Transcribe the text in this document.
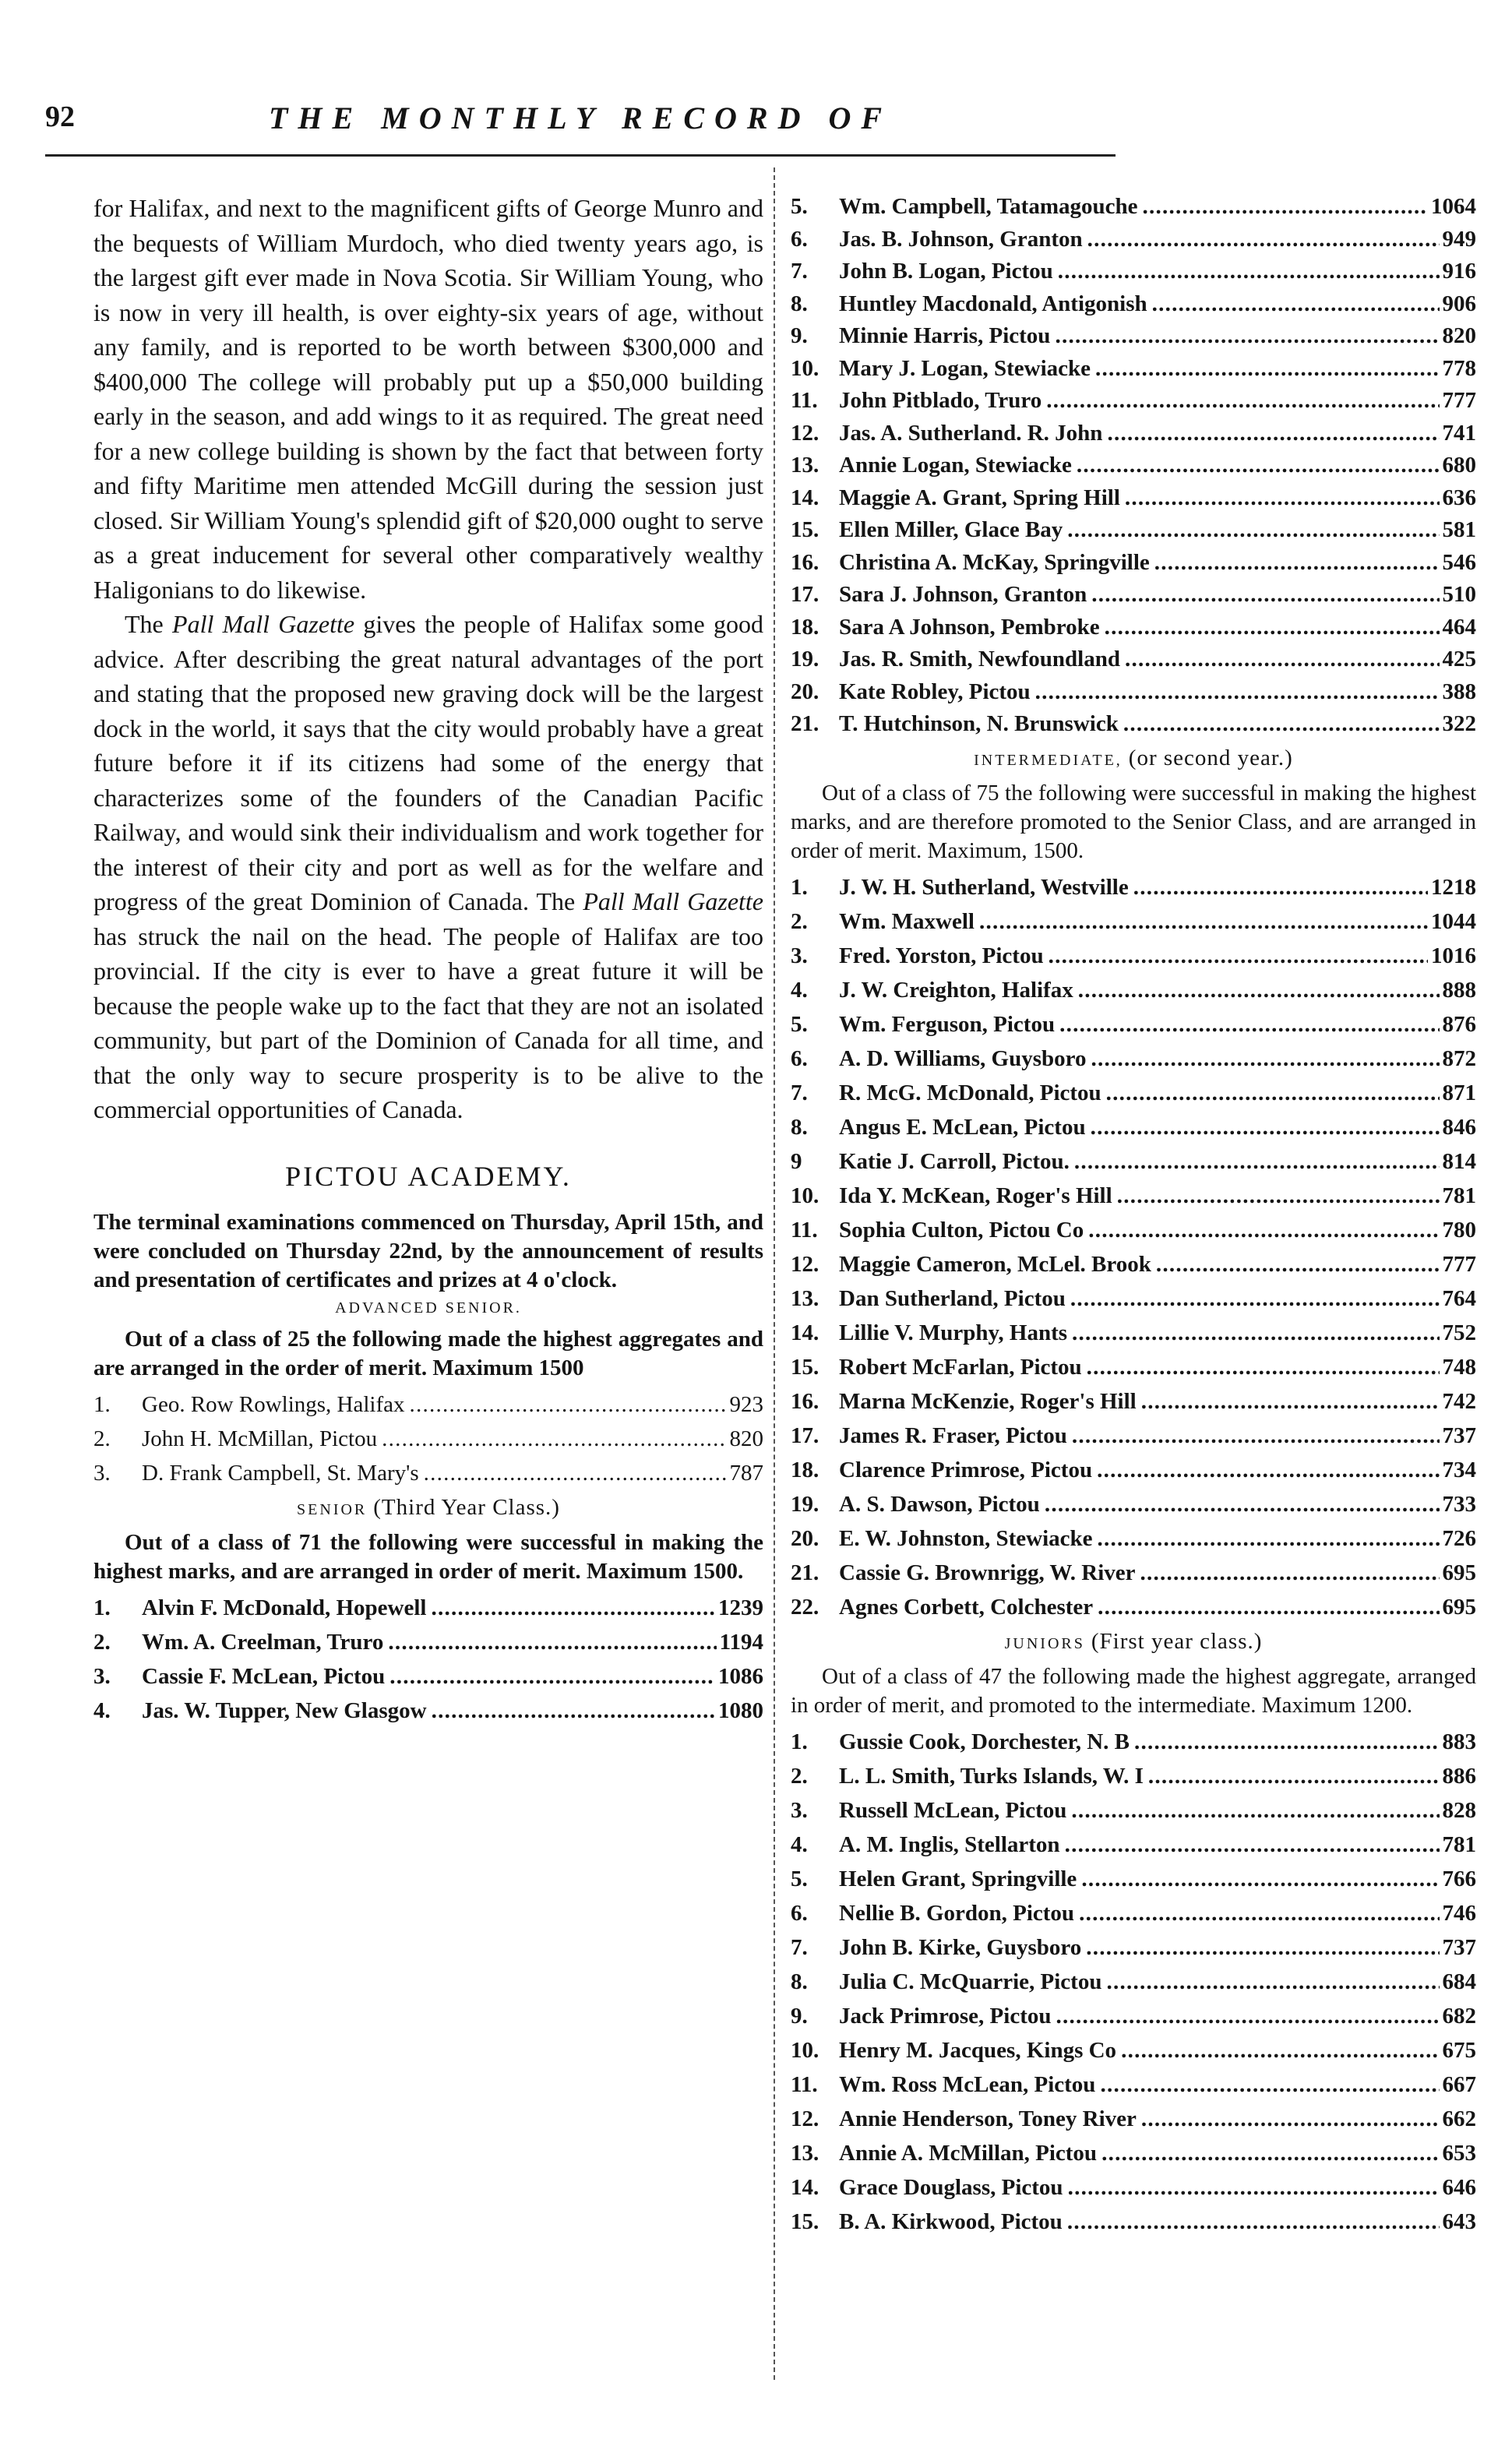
92	THE MONTHLY RECORD OF

for Halifax, and next to the magnificent gifts of George Munro and the bequests of William Murdoch, who died twenty years ago, is the largest gift ever made in Nova Scotia. Sir William Young, who is now in very ill health, is over eighty-six years of age, without any family, and is reported to be worth between $300,000 and $400,000 The college will probably put up a $50,000 building early in the season, and add wings to it as required. The great need for a new college building is shown by the fact that between forty and fifty Maritime men attended McGill during the session just closed. Sir William Young's splendid gift of $20,000 ought to serve as a great inducement for several other comparatively wealthy Haligonians to do likewise.

The Pall Mall Gazette gives the people of Halifax some good advice. After describing the great natural advantages of the port and stating that the proposed new graving dock will be the largest dock in the world, it says that the city would probably have a great future before it if its citizens had some of the energy that characterizes some of the founders of the Canadian Pacific Railway, and would sink their individualism and work together for the interest of their city and port as well as for the welfare and progress of the great Dominion of Canada. The Pall Mall Gazette has struck the nail on the head. The people of Halifax are too provincial. If the city is ever to have a great future it will be because the people wake up to the fact that they are not an isolated community, but part of the Dominion of Canada for all time, and that the only way to secure prosperity is to be alive to the commercial opportunities of Canada.

PICTOU ACADEMY.

The terminal examinations commenced on Thursday, April 15th, and were concluded on Thursday 22nd, by the announcement of results and presentation of certificates and prizes at 4 o'clock.

ADVANCED SENIOR.

Out of a class of 25 the following made the highest aggregates and are arranged in the order of merit. Maximum 1500

1.	Geo. Row Rowlings, Halifax . . .	923
2.	John H. McMillan, Pictou . . .	820
3.	D. Frank Campbell, St. Mary's . . .	787
SENIOR (Third Year Class.)

Out of a class of 71 the following were successful in making the highest marks, and are arranged in order of merit. Maximum 1500.

1.	Alvin F. McDonald, Hopewell . . .	1239
2.	Wm. A. Creelman, Truro . . .	1194
3.	Cassie F. McLean, Pictou . . .	1086
4.	Jas. W. Tupper, New Glasgow . . .	1080
5.	Wm. Campbell, Tatamagouche . . .	1064
6.	Jas. B. Johnson, Granton . . .	949
7.	John B. Logan, Pictou . . .	916
8.	Huntley Macdonald, Antigonish . . .	906
9.	Minnie Harris, Pictou . . .	820
10. Mary J. Logan, Stewiacke . . .	778
11. John Pitblado, Truro . . .	777
12. Jas. A. Sutherland. R. John . . .	741
13. Annie Logan, Stewiacke . . .	680
14. Maggie A. Grant, Spring Hill . . .	636
15. Ellen Miller, Glace Bay . . .	581
16. Christina A. McKay, Springville . . .	546
17. Sara J. Johnson, Granton . . .	510
18. Sara A Johnson, Pembroke . . .	464
19. Jas. R. Smith, Newfoundland . . .	425
20. Kate Robley, Pictou . . .	388
21. T. Hutchinson, N. Brunswick . . .	322
INTERMEDIATE, (or second year.)

Out of a class of 75 the following were successful in making the highest marks, and are therefore promoted to the Senior Class, and are arranged in order of merit. Maximum, 1500.

1.	J. W. H. Sutherland, Westville . . .	1218
2.	Wm. Maxwell . . .	1044
3.	Fred. Yorston, Pictou . . .	1016
4.	J. W. Creighton, Halifax . . .	888
5.	Wm. Ferguson, Pictou . . .	876
6.	A. D. Williams, Guysboro . . .	872
7.	R. McG. McDonald, Pictou . . .	871
8.	Angus E. McLean, Pictou . . .	846
9	Katie J. Carroll, Pictou. . . .	814
10. Ida Y. McKean, Roger's Hill . . .	781
11. Sophia Culton, Pictou Co . . .	780
12. Maggie Cameron, McLel. Brook . . .	777
13. Dan Sutherland, Pictou . . .	764
14. Lillie V. Murphy, Hants . . .	752
15. Robert McFarlan, Pictou . . .	748
16. Marna McKenzie, Roger's Hill . . .	742
17. James R. Fraser, Pictou . . .	737
18. Clarence Primrose, Pictou . . .	734
19. A. S. Dawson, Pictou . . .	733
20. E. W. Johnston, Stewiacke . . .	726
21. Cassie G. Brownrigg, W. River . . .	695
22. Agnes Corbett, Colchester . . .	695
JUNIORS (First year class.)

Out of a class of 47 the following made the highest aggregate, arranged in order of merit, and promoted to the intermediate. Maximum 1200.

1.	Gussie Cook, Dorchester, N. B . . .	883
2.	L. L. Smith, Turks Islands, W. I . . .	886
3.	Russell McLean, Pictou . . .	828
4.	A. M. Inglis, Stellarton . . .	781
5.	Helen Grant, Springville . . .	766
6.	Nellie B. Gordon, Pictou . . .	746
7.	John B. Kirke, Guysboro . . .	737
8.	Julia C. McQuarrie, Pictou . . .	684
9.	Jack Primrose, Pictou . . .	682
10. Henry M. Jacques, Kings Co . . .	675
11. Wm. Ross McLean, Pictou . . .	667
12. Annie Henderson, Toney River . . .	662
13. Annie A. McMillan, Pictou . . .	653
14. Grace Douglass, Pictou . . .	646
15. B. A. Kirkwood, Pictou . . .	643
